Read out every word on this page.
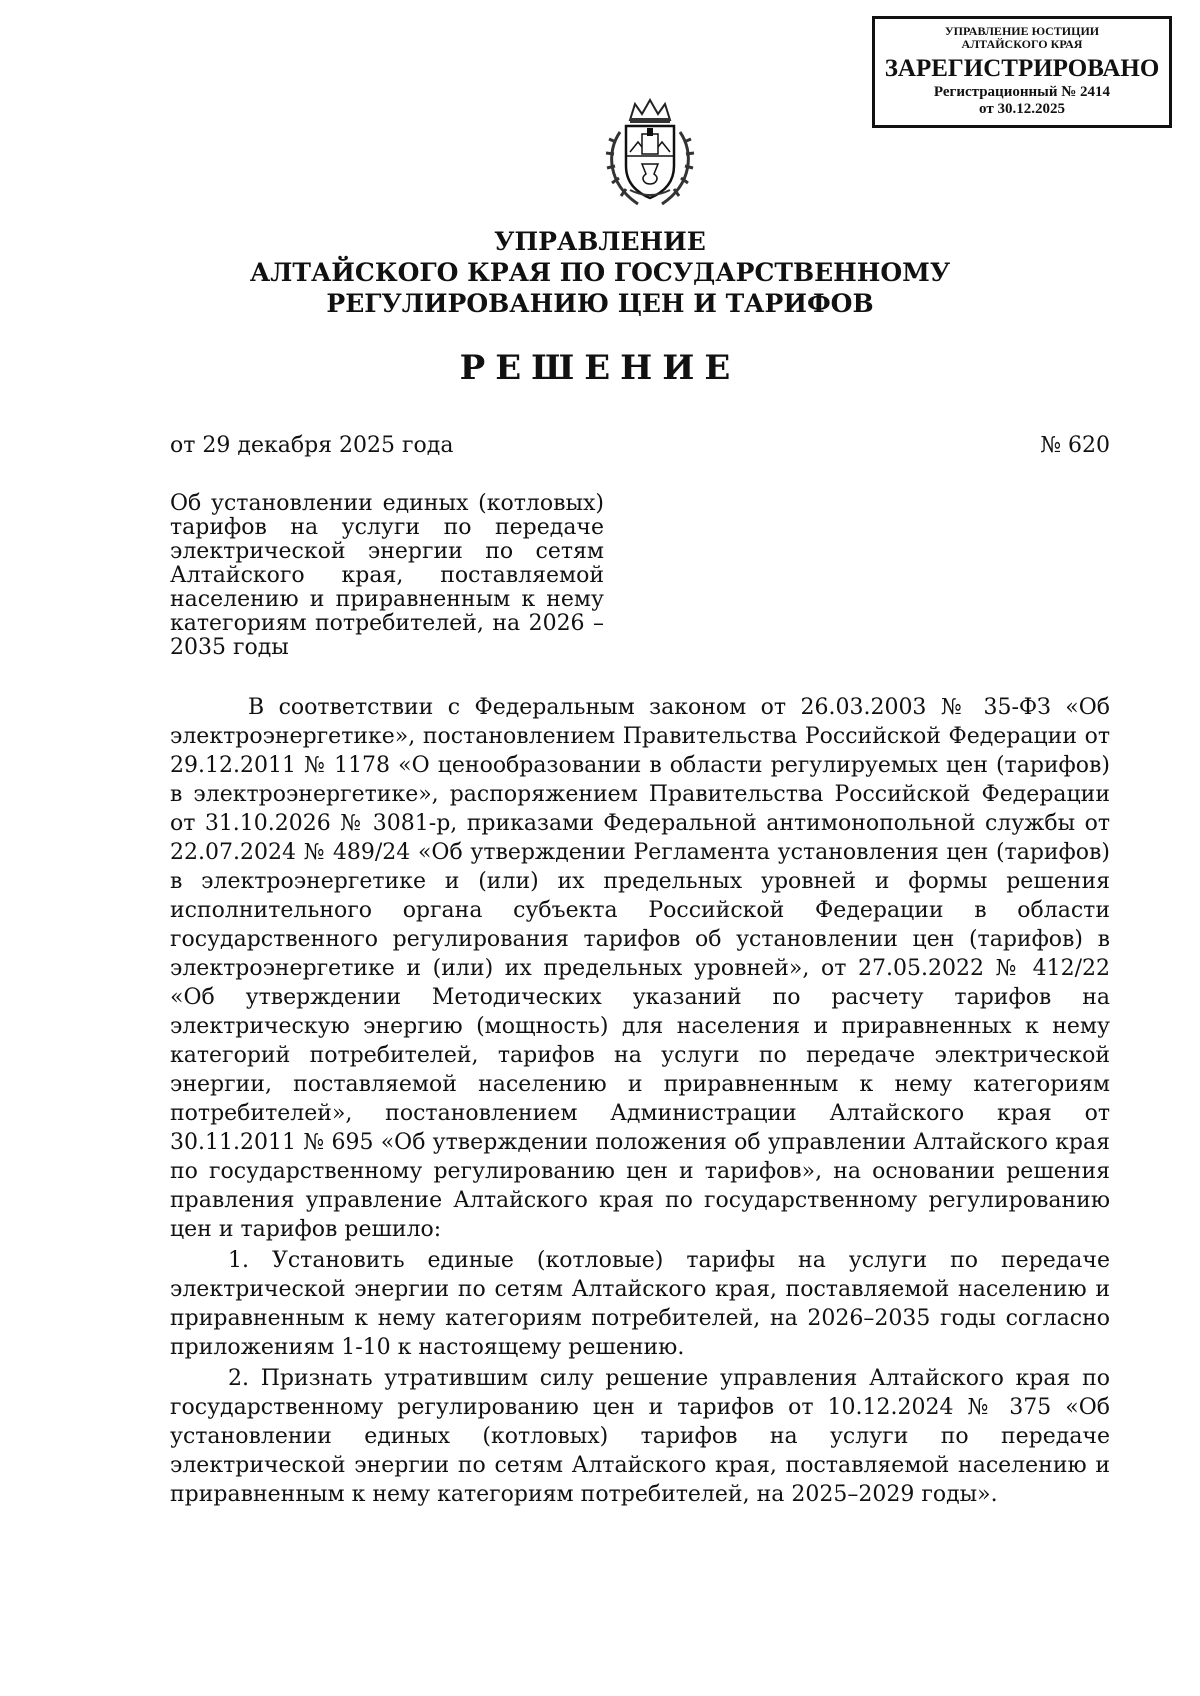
УПРАВЛЕНИЕ ЮСТИЦИИ
АЛТАЙСКОГО КРАЯ
ЗАРЕГИСТРИРОВАНО
Регистрационный № 2414
от 30.12.2025
УПРАВЛЕНИЕ
АЛТАЙСКОГО КРАЯ ПО ГОСУДАРСТВЕННОМУ
РЕГУЛИРОВАНИЮ ЦЕН И ТАРИФОВ
РЕШЕНИЕ
от 29 декабря 2025 года	№ 620
Об установлении единых (котловых) тарифов на услуги по передаче электрической энергии по сетям Алтайского края, поставляемой населению и приравненным к нему категориям потребителей, на 2026 – 2035 годы

В соответствии с Федеральным законом от 26.03.2003 № 35-ФЗ «Об электроэнергетике», постановлением Правительства Российской Федерации от 29.12.2011 № 1178 «О ценообразовании в области регулируемых цен (тарифов) в электроэнергетике», распоряжением Правительства Российской Федерации от 31.10.2026 № 3081-р, приказами Федеральной антимонопольной службы от 22.07.2024 № 489/24 «Об утверждении Регламента установления цен (тарифов) в электроэнергетике и (или) их предельных уровней и формы решения исполнительного органа субъекта Российской Федерации в области государственного регулирования тарифов об установлении цен (тарифов) в электроэнергетике и (или) их предельных уровней», от 27.05.2022 № 412/22 «Об утверждении Методических указаний по расчету тарифов на электрическую энергию (мощность) для населения и приравненных к нему категорий потребителей, тарифов на услуги по передаче электрической энергии, поставляемой населению и приравненным к нему категориям потребителей», постановлением Администрации Алтайского края от 30.11.2011 № 695 «Об утверждении положения об управлении Алтайского края по государственному регулированию цен и тарифов», на основании решения правления управление Алтайского края по государственному регулированию цен и тарифов решило:

1. Установить единые (котловые) тарифы на услуги по передаче электрической энергии по сетям Алтайского края, поставляемой населению и приравненным к нему категориям потребителей, на 2026–2035 годы согласно приложениям 1-10 к настоящему решению.

2. Признать утратившим силу решение управления Алтайского края по государственному регулированию цен и тарифов от 10.12.2024 № 375 «Об установлении единых (котловых) тарифов на услуги по передаче электрической энергии по сетям Алтайского края, поставляемой населению и приравненным к нему категориям потребителей, на 2025–2029 годы».
